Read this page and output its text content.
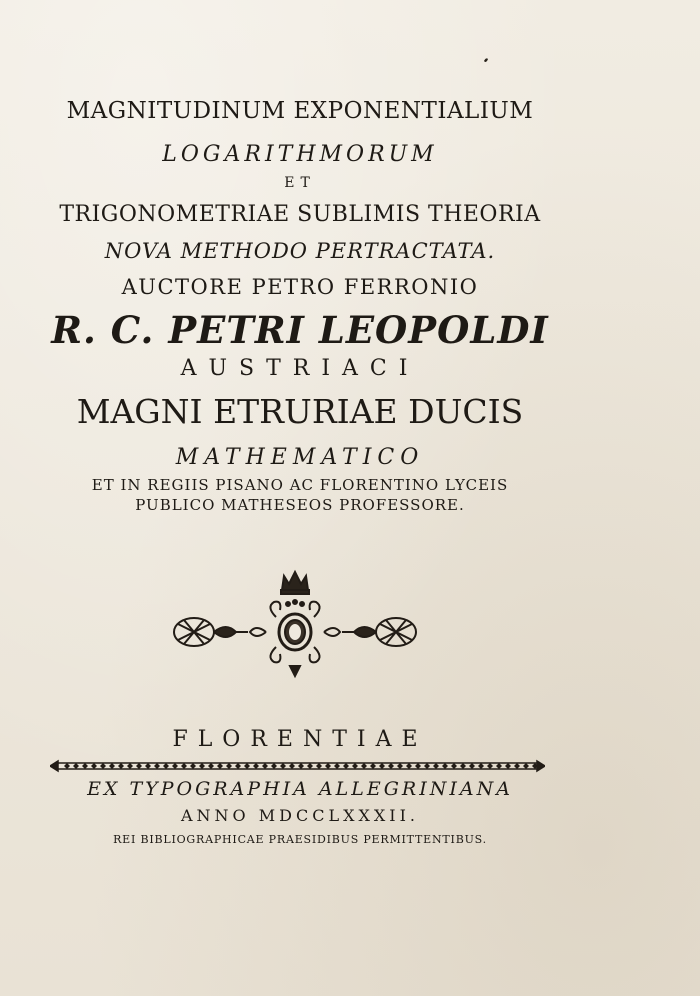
MAGNITUDINUM EXPONENTIALIUM
LOGARITHMORUM
ET
TRIGONOMETRIAE SUBLIMIS THEORIA
NOVA METHODO PERTRACTATA.
AUCTORE PETRO FERRONIO
R. C. PETRI LEOPOLDI
AUSTRIACI
MAGNI ETRURIAE DUCIS
MATHEMATICO
ET IN REGIIS PISANO AC FLORENTINO LYCEIS
PUBLICO MATHESEOS PROFESSORE.
FLORENTIAE
EX TYPOGRAPHIA ALLEGRINIANA
ANNO MDCCLXXXII.
REI BIBLIOGRAPHICAE PRAESIDIBUS PERMITTENTIBUS.
